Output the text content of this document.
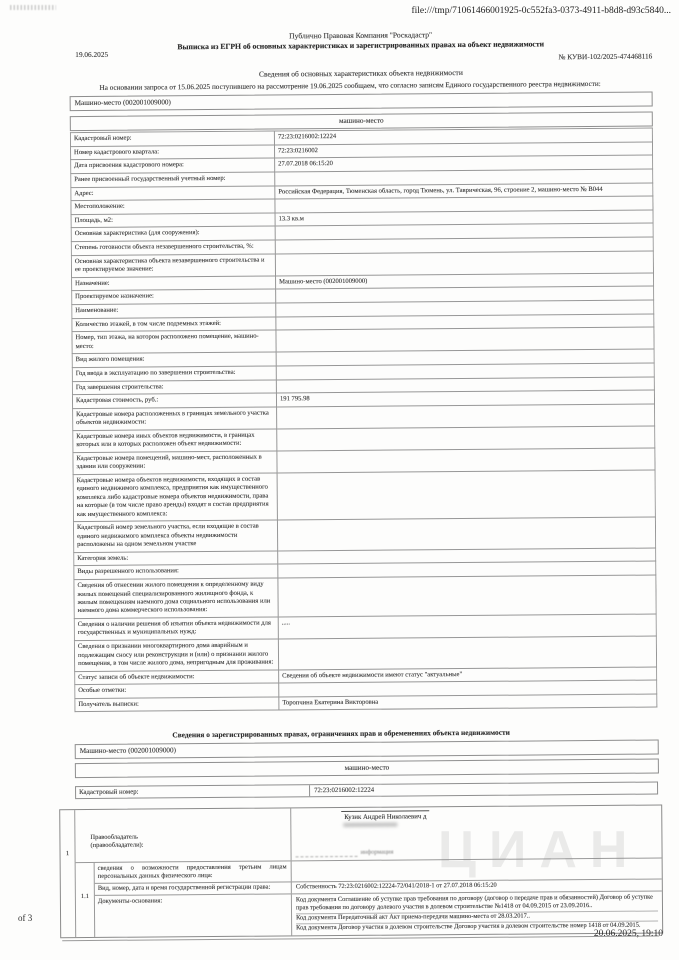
file:///tmp/71061466001925-0c552fa3-0373-4911-b8d8-d93c5840...
Публично Правовая Компания "Роскадастр"
Выписка из ЕГРН об основных характеристиках и зарегистрированных правах на объект недвижимости
19.06.2025	№ КУВИ-102/2025-474468116
Сведения об основных характеристиках объекта недвижимости
На основании запроса от 15.06.2025 поступившего на рассмотрение 19.06.2025 сообщаем, что согласно записям Единого государственного реестра недвижимости:
Машино-место (002001009000)
машино-место
Кадастровый номер:	72:23:0216002:12224
Номер кадастрового квартала:	72:23:0216002
Дата присвоения кадастрового номера:	27.07.2018 06:15:20
Ранее присвоенный государственный учетный номер:	
Адрес:	Российская Федерация, Тюменская область, город Тюмень, ул. Таврическая, 96, строение 2, машино-место № В044
Местоположение:	
Площадь, м2:	13.3 кв.м
Основная характеристика (для сооружения):	
Степень готовности объекта незавершенного строительства, %:	
Основная характеристика объекта незавершенного строительства и ее проектируемое значение:	
Назначение:	Машино-место (002001009000)
Проектируемое назначение:	
Наименование:	
Количество этажей, в том числе подземных этажей:	
Номер, тип этажа, на котором расположено помещение, машино-место:	
Вид жилого помещения:	
Год ввода в эксплуатацию по завершении строительства:	
Год завершения строительства:	
Кадастровая стоимость, руб.:	191 795.98
Кадастровые номера расположенных в границах земельного участка объектов недвижимости:	
Кадастровые номера иных объектов недвижимости, в границах которых или в которых расположен объект недвижимости:	
Кадастровые номера помещений, машино-мест, расположенных в здании или сооружении:	
Кадастровые номера объектов недвижимости, входящих в состав единого недвижимого комплекса, предприятия как имущественного комплекса либо кадастровые номера объектов недвижимости, права на которые (в том числе право аренды) входят в состав предприятия как имущественного комплекса:	
Кадастровый номер земельного участка, если входящие в состав единого недвижимого комплекса объекты недвижимости расположены на одном земельном участке	
Категория земель:	
Виды разрешенного использования:	
Сведения об отнесении жилого помещения к определенному виду жилых помещений специализированного жилищного фонда, к жилым помещениям наемного дома социального использования или наемного дома коммерческого использования:	
Сведения о наличии решения об изъятии объекта недвижимости для государственных и муниципальных нужд:	.....
Сведения о признании многоквартирного дома аварийным и подлежащим сносу или реконструкции и (или) о признании жилого помещения, в том числе жилого дома, непригодным для проживания:	
Статус записи об объекте недвижимости:	Сведения об объекте недвижимости имеют статус "актуальные"
Особые отметки:	
Получатель выписки:	Торопчина Екатерина Викторовна
Сведения о зарегистрированных правах, ограничениях прав и обременениях объекта недвижимости
Машино-место (002001009000)
машино-место
Кадастровый номер:	72:23:0216002:12224
1
Правообладатель (правообладатели):
Кузик Андрей Николаевич д
информация
1.1
сведения о возможности предоставления третьим лицам персональных данных физического лица:
Вид, номер, дата и время государственной регистрации права:	Собственность 72:23:0216002:12224-72/041/2018-1 от 27.07.2018 06:15:20
Документы-основания:	Код документа Соглашение об уступке прав требования по договору (договор о передаче прав и обязанностей) Договор об уступке прав требования по договору долевого участия в долевом строительстве №1418 от 04.09.2015 от 23.09.2016..
Код документа Передаточный акт Акт приема-передачи машино-места от 28.03.2017..
Код документа Договор участия в долевом строительстве Договор участия в долевом строительстве номер 1418 от 04.09.2015.
ЦИАН
of 3
20.06.2025, 19:10
